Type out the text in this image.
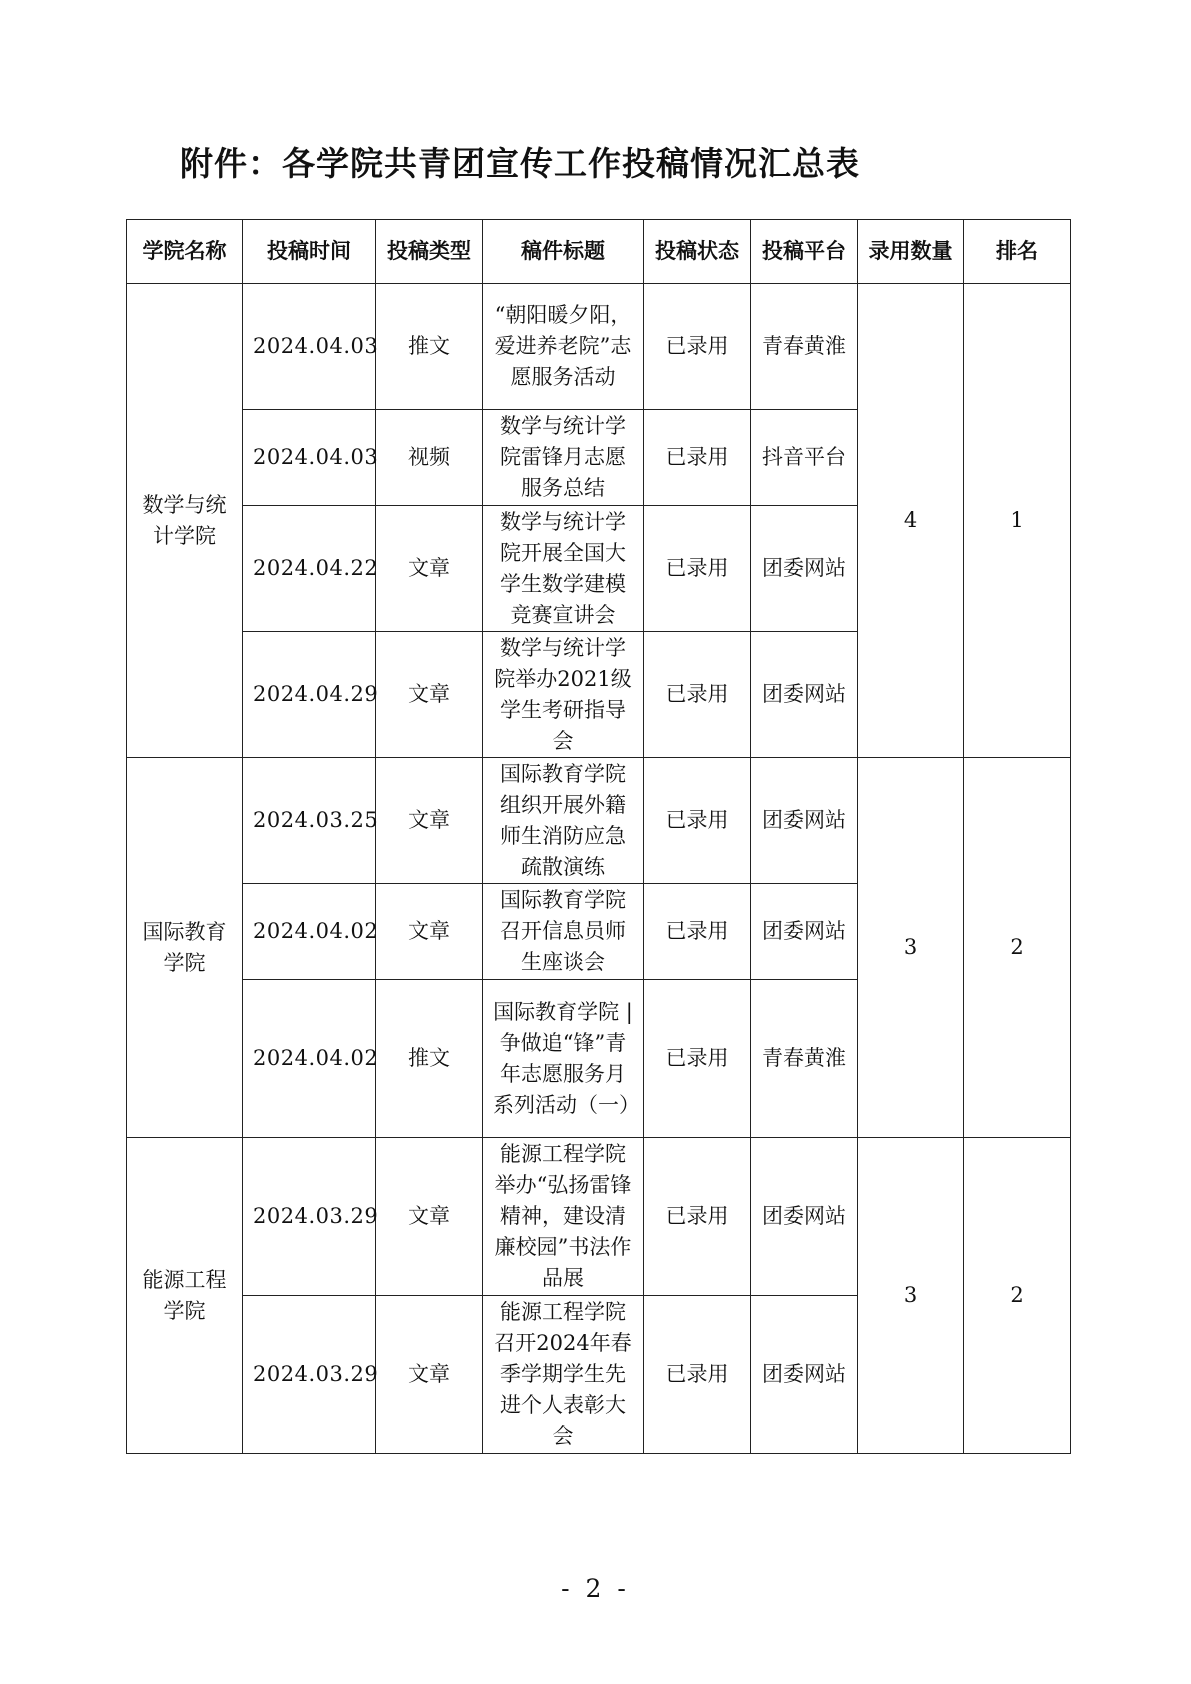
附件：各学院共青团宣传工作投稿情况汇总表
学院名称	投稿时间	投稿类型	稿件标题	投稿状态	投稿平台	录用数量	排名
数学与统计学院	2024.04.03	推文	“朝阳暖夕阳，爱进养老院”志愿服务活动	已录用	青春黄淮	4	1
	2024.04.03	视频	数学与统计学院雷锋月志愿服务总结	已录用	抖音平台		
	2024.04.22	文章	数学与统计学院开展全国大学生数学建模竞赛宣讲会	已录用	团委网站		
	2024.04.29	文章	数学与统计学院举办2021级学生考研指导会	已录用	团委网站		
国际教育学院	2024.03.25	文章	国际教育学院组织开展外籍师生消防应急疏散演练	已录用	团委网站	3	2
	2024.04.02	文章	国际教育学院召开信息员师生座谈会	已录用	团委网站		
	2024.04.02	推文	国际教育学院 | 争做追“锋”青年志愿服务月系列活动（一）	已录用	青春黄淮		
能源工程学院	2024.03.29	文章	能源工程学院举办“弘扬雷锋精神，建设清廉校园”书法作品展	已录用	团委网站	3	2
	2024.03.29	文章	能源工程学院召开2024年春季学期学生先进个人表彰大会	已录用	团委网站		
- 2 -
